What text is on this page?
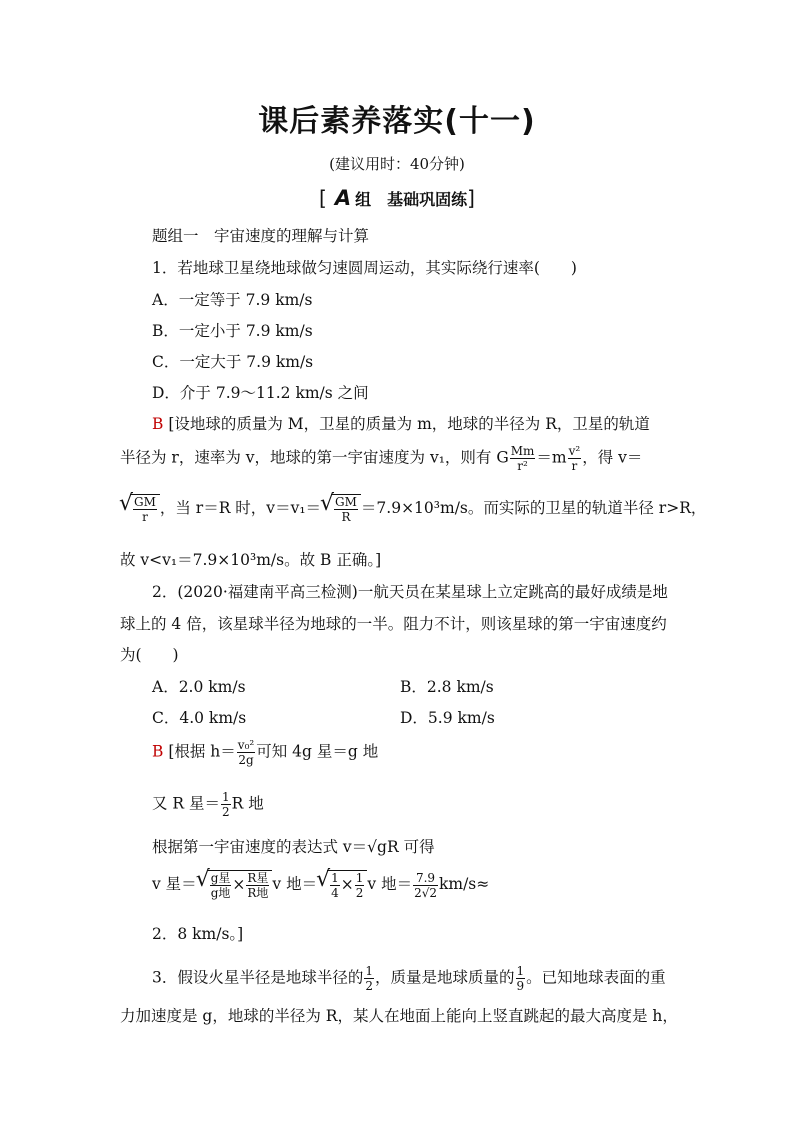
课后素养落实(十一)
(建议用时：40分钟)
[ A 组　基础巩固练]
题组一　宇宙速度的理解与计算
1．若地球卫星绕地球做匀速圆周运动，其实际绕行速率(　　)
A．一定等于 7.9 km/s
B．一定小于 7.9 km/s
C．一定大于 7.9 km/s
D．介于 7.9～11.2 km/s 之间
B [设地球的质量为 M，卫星的质量为 m，地球的半径为 R，卫星的轨道
半径为 r，速率为 v，地球的第一宇宙速度为 v₁，则有 G $\frac{Mm}{\text{r²}} =m \frac{\text{v²}}{r}$ ，得 v＝
√ $\frac{GM}{r}$ ，当 r＝R 时，v＝v₁＝ √ $\frac{GM}{R} =7.9\times 10^3m/s$。而实际的卫星的轨道半径 r>R，
故 v<v₁＝7.9×10³m/s。故 B 正确。]
2．(2020·福建南平高三检测)一航天员在某星球上立定跳高的最好成绩是地
球上的 4 倍，该星球半径为地球的一半。阻力不计，则该星球的第一宇宙速度约
为(　　)
A．2.0 km/s	B．2.8 km/s
C．4.0 km/s	D．5.9 km/s
B [根据 $h= \frac{\text{v₀²}}{2g}$ 可知 4g 星＝g 地
又 R 星＝ $\frac{1}{2}$ R 地
根据第一宇宙速度的表达式 v＝√gR 可得
v 星＝ √ $\frac{\text{g星}}{\text{g地}} \times \frac{\text{R星}}{\text{R地}}$ v 地＝ √ $\frac{1}{4} \times \frac{1}{2}$ v 地＝ $\frac{7.9}{2√2} km/s\approx$
2．8 km/s。]
3．假设火星半径是地球半径的 $\frac{1}{2}$ ，质量是地球质量的 $\frac{1}{9}$ 。已知地球表面的重
力加速度是 g，地球的半径为 R，某人在地面上能向上竖直跳起的最大高度是 h，
